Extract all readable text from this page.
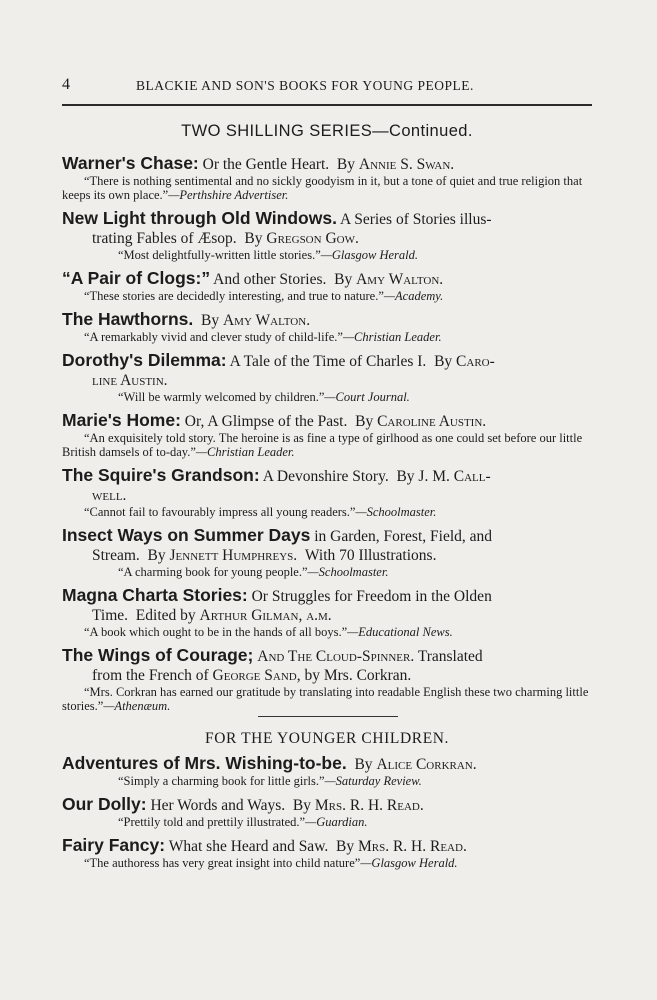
4	BLACKIE AND SON'S BOOKS FOR YOUNG PEOPLE.
TWO SHILLING SERIES—Continued.
Warner's Chase: Or the Gentle Heart. By Annie S. Swan.
“There is nothing sentimental and no sickly goodyism in it, but a tone of quiet and true religion that keeps its own place.”—Perthshire Advertiser.
New Light through Old Windows. A Series of Stories illus-
trating Fables of Æsop. By Gregson Gow.
“Most delightfully-written little stories.”—Glasgow Herald.
“A Pair of Clogs:” And other Stories. By Amy Walton.
“These stories are decidedly interesting, and true to nature.”—Academy.
The Hawthorns. By Amy Walton.
“A remarkably vivid and clever study of child-life.”—Christian Leader.
Dorothy's Dilemma: A Tale of the Time of Charles I. By Caro-
line Austin.
“Will be warmly welcomed by children.”—Court Journal.
Marie's Home: Or, A Glimpse of the Past. By Caroline Austin.
“An exquisitely told story. The heroine is as fine a type of girlhood as one could set before our little British damsels of to-day.”—Christian Leader.
The Squire's Grandson: A Devonshire Story. By J. M. Call-
well.
“Cannot fail to favourably impress all young readers.”—Schoolmaster.
Insect Ways on Summer Days in Garden, Forest, Field, and
Stream. By Jennett Humphreys. With 70 Illustrations.
“A charming book for young people.”—Schoolmaster.
Magna Charta Stories: Or Struggles for Freedom in the Olden
Time. Edited by Arthur Gilman, a.m.
“A book which ought to be in the hands of all boys.”—Educational News.
The Wings of Courage; And The Cloud-Spinner. Translated
from the French of George Sand, by Mrs. Corkran.
“Mrs. Corkran has earned our gratitude by translating into readable English these two charming little stories.”—Athenæum.
FOR THE YOUNGER CHILDREN.
Adventures of Mrs. Wishing-to-be. By Alice Corkran.
“Simply a charming book for little girls.”—Saturday Review.
Our Dolly: Her Words and Ways. By Mrs. R. H. Read.
“Prettily told and prettily illustrated.”—Guardian.
Fairy Fancy: What she Heard and Saw. By Mrs. R. H. Read.
“The authoress has very great insight into child nature”—Glasgow Herald.
